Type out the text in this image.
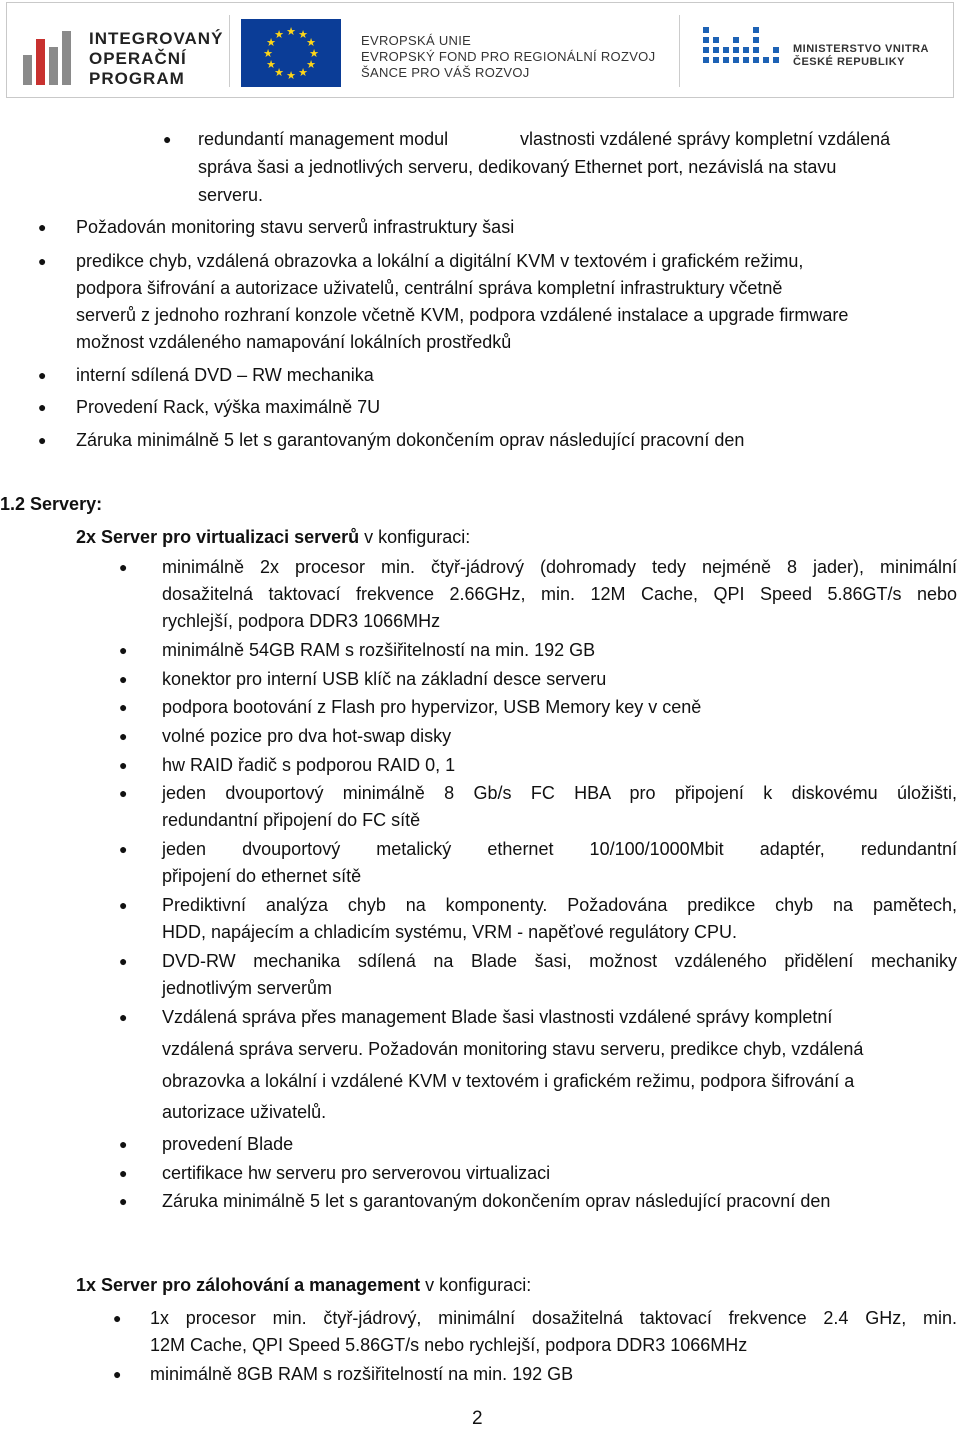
INTEGROVANÝ
OPERAČNÍ
PROGRAM
★ ★
★
★
★
★
★
★
★
★
★
★	EVROPSKÁ UNIE
EVROPSKÝ FOND PRO REGIONÁLNÍ ROZVOJ
ŠANCE PRO VÁŠ ROZVOJ
MINISTERSTVO VNITRA
ČESKÉ REPUBLIKY
● redundantí management modul	vlastnosti vzdálené správy kompletní vzdálená
správa šasi a jednotlivých serveru, dedikovaný Ethernet port, nezávislá na stavu
serveru.
● Požadován monitoring stavu serverů infrastruktury šasi
● predikce chyb, vzdálená obrazovka a lokální a digitální KVM v textovém i grafickém režimu,
podpora šifrování a autorizace uživatelů, centrální správa kompletní infrastruktury včetně
serverů z jednoho rozhraní konzole včetně KVM, podpora vzdálené instalace a upgrade firmware
možnost vzdáleného namapování lokálních prostředků
● interní sdílená DVD – RW mechanika
● Provedení Rack, výška maximálně 7U
● Záruka minimálně 5 let s garantovaným dokončením oprav následující pracovní den
1.2 Servery:
2x Server pro virtualizaci serverů v konfiguraci:
● minimálně 2x procesor min. čtyř-jádrový (dohromady tedy nejméně 8 jader), minimální
dosažitelná taktovací frekvence 2.66GHz, min. 12M Cache, QPI Speed 5.86GT/s nebo
rychlejší, podpora DDR3 1066MHz
● minimálně 54GB RAM s rozšiřitelností na min. 192 GB
● konektor pro interní USB klíč na základní desce serveru
● podpora bootování z Flash pro hypervizor, USB Memory key v ceně
● volné pozice pro dva hot-swap disky
● hw RAID řadič s podporou RAID 0, 1
● jeden dvouportový minimálně 8 Gb/s FC HBA pro připojení k diskovému úložišti,
redundantní připojení do FC sítě
● jeden dvouportový metalický ethernet 10/100/1000Mbit adaptér, redundantní
připojení do ethernet sítě
● Prediktivní analýza chyb na komponenty. Požadována predikce chyb na pamětech,
HDD, napájecím a chladicím systému, VRM - napěťové regulátory CPU.
● DVD-RW mechanika sdílená na Blade šasi, možnost vzdáleného přidělení mechaniky
jednotlivým serverům
● Vzdálená správa přes management Blade šasi vlastnosti vzdálené správy kompletní
vzdálená správa serveru. Požadován monitoring stavu serveru, predikce chyb, vzdálená
obrazovka a lokální i vzdálené KVM v textovém i grafickém režimu, podpora šifrování a
autorizace uživatelů.
● provedení Blade
● certifikace hw serveru pro serverovou virtualizaci
● Záruka minimálně 5 let s garantovaným dokončením oprav následující pracovní den
1x Server pro zálohování a management v konfiguraci:
● 1x procesor min. čtyř-jádrový, minimální dosažitelná taktovací frekvence 2.4 GHz, min.
12M Cache, QPI Speed 5.86GT/s nebo rychlejší, podpora DDR3 1066MHz
● minimálně 8GB RAM s rozšiřitelností na min. 192 GB
2
